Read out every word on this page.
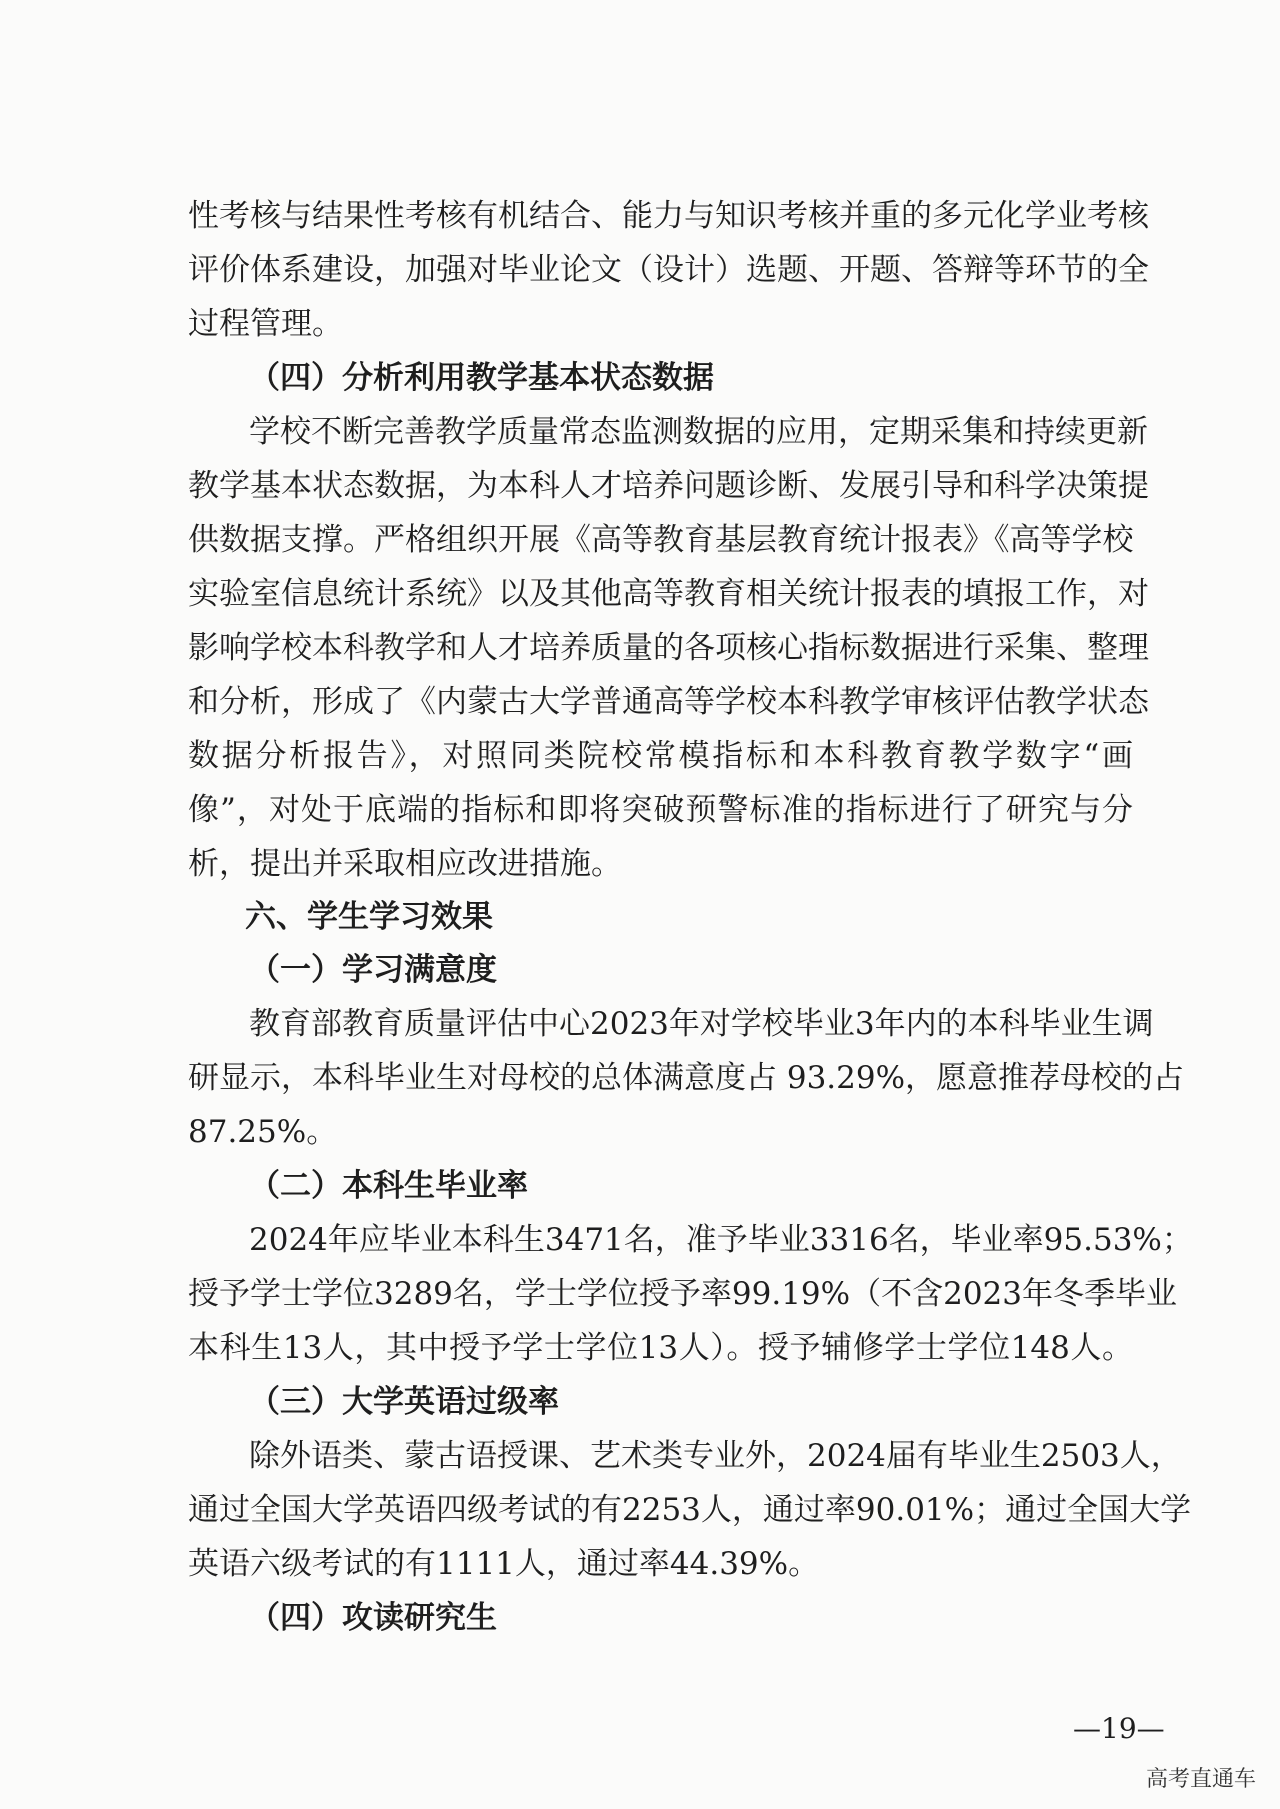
性考核与结果性考核有机结合、能力与知识考核并重的多元化学业考核
评价体系建设，加强对毕业论文（设计）选题、开题、答辩等环节的全
过程管理。
（四）分析利用教学基本状态数据
学校不断完善教学质量常态监测数据的应用，定期采集和持续更新
教学基本状态数据，为本科人才培养问题诊断、发展引导和科学决策提
供数据支撑。严格组织开展《高等教育基层教育统计报表》《高等学校
实验室信息统计系统》以及其他高等教育相关统计报表的填报工作，对
影响学校本科教学和人才培养质量的各项核心指标数据进行采集、整理
和分析，形成了《内蒙古大学普通高等学校本科教学审核评估教学状态
数据分析报告》，对照同类院校常模指标和本科教育教学数字“画
像”，对处于底端的指标和即将突破预警标准的指标进行了研究与分
析，提出并采取相应改进措施。
六、学生学习效果
（一）学习满意度
教育部教育质量评估中心2023年对学校毕业3年内的本科毕业生调
研显示，本科毕业生对母校的总体满意度占 93.29%，愿意推荐母校的占
87.25%。
（二）本科生毕业率
2024年应毕业本科生3471名，准予毕业3316名，毕业率95.53%；
授予学士学位3289名，学士学位授予率99.19%（不含2023年冬季毕业
本科生13人，其中授予学士学位13人）。授予辅修学士学位148人。
（三）大学英语过级率
除外语类、蒙古语授课、艺术类专业外，2024届有毕业生2503人，
通过全国大学英语四级考试的有2253人，通过率90.01%；通过全国大学
英语六级考试的有1111人，通过率44.39%。
（四）攻读研究生
—19—
高考直通车
